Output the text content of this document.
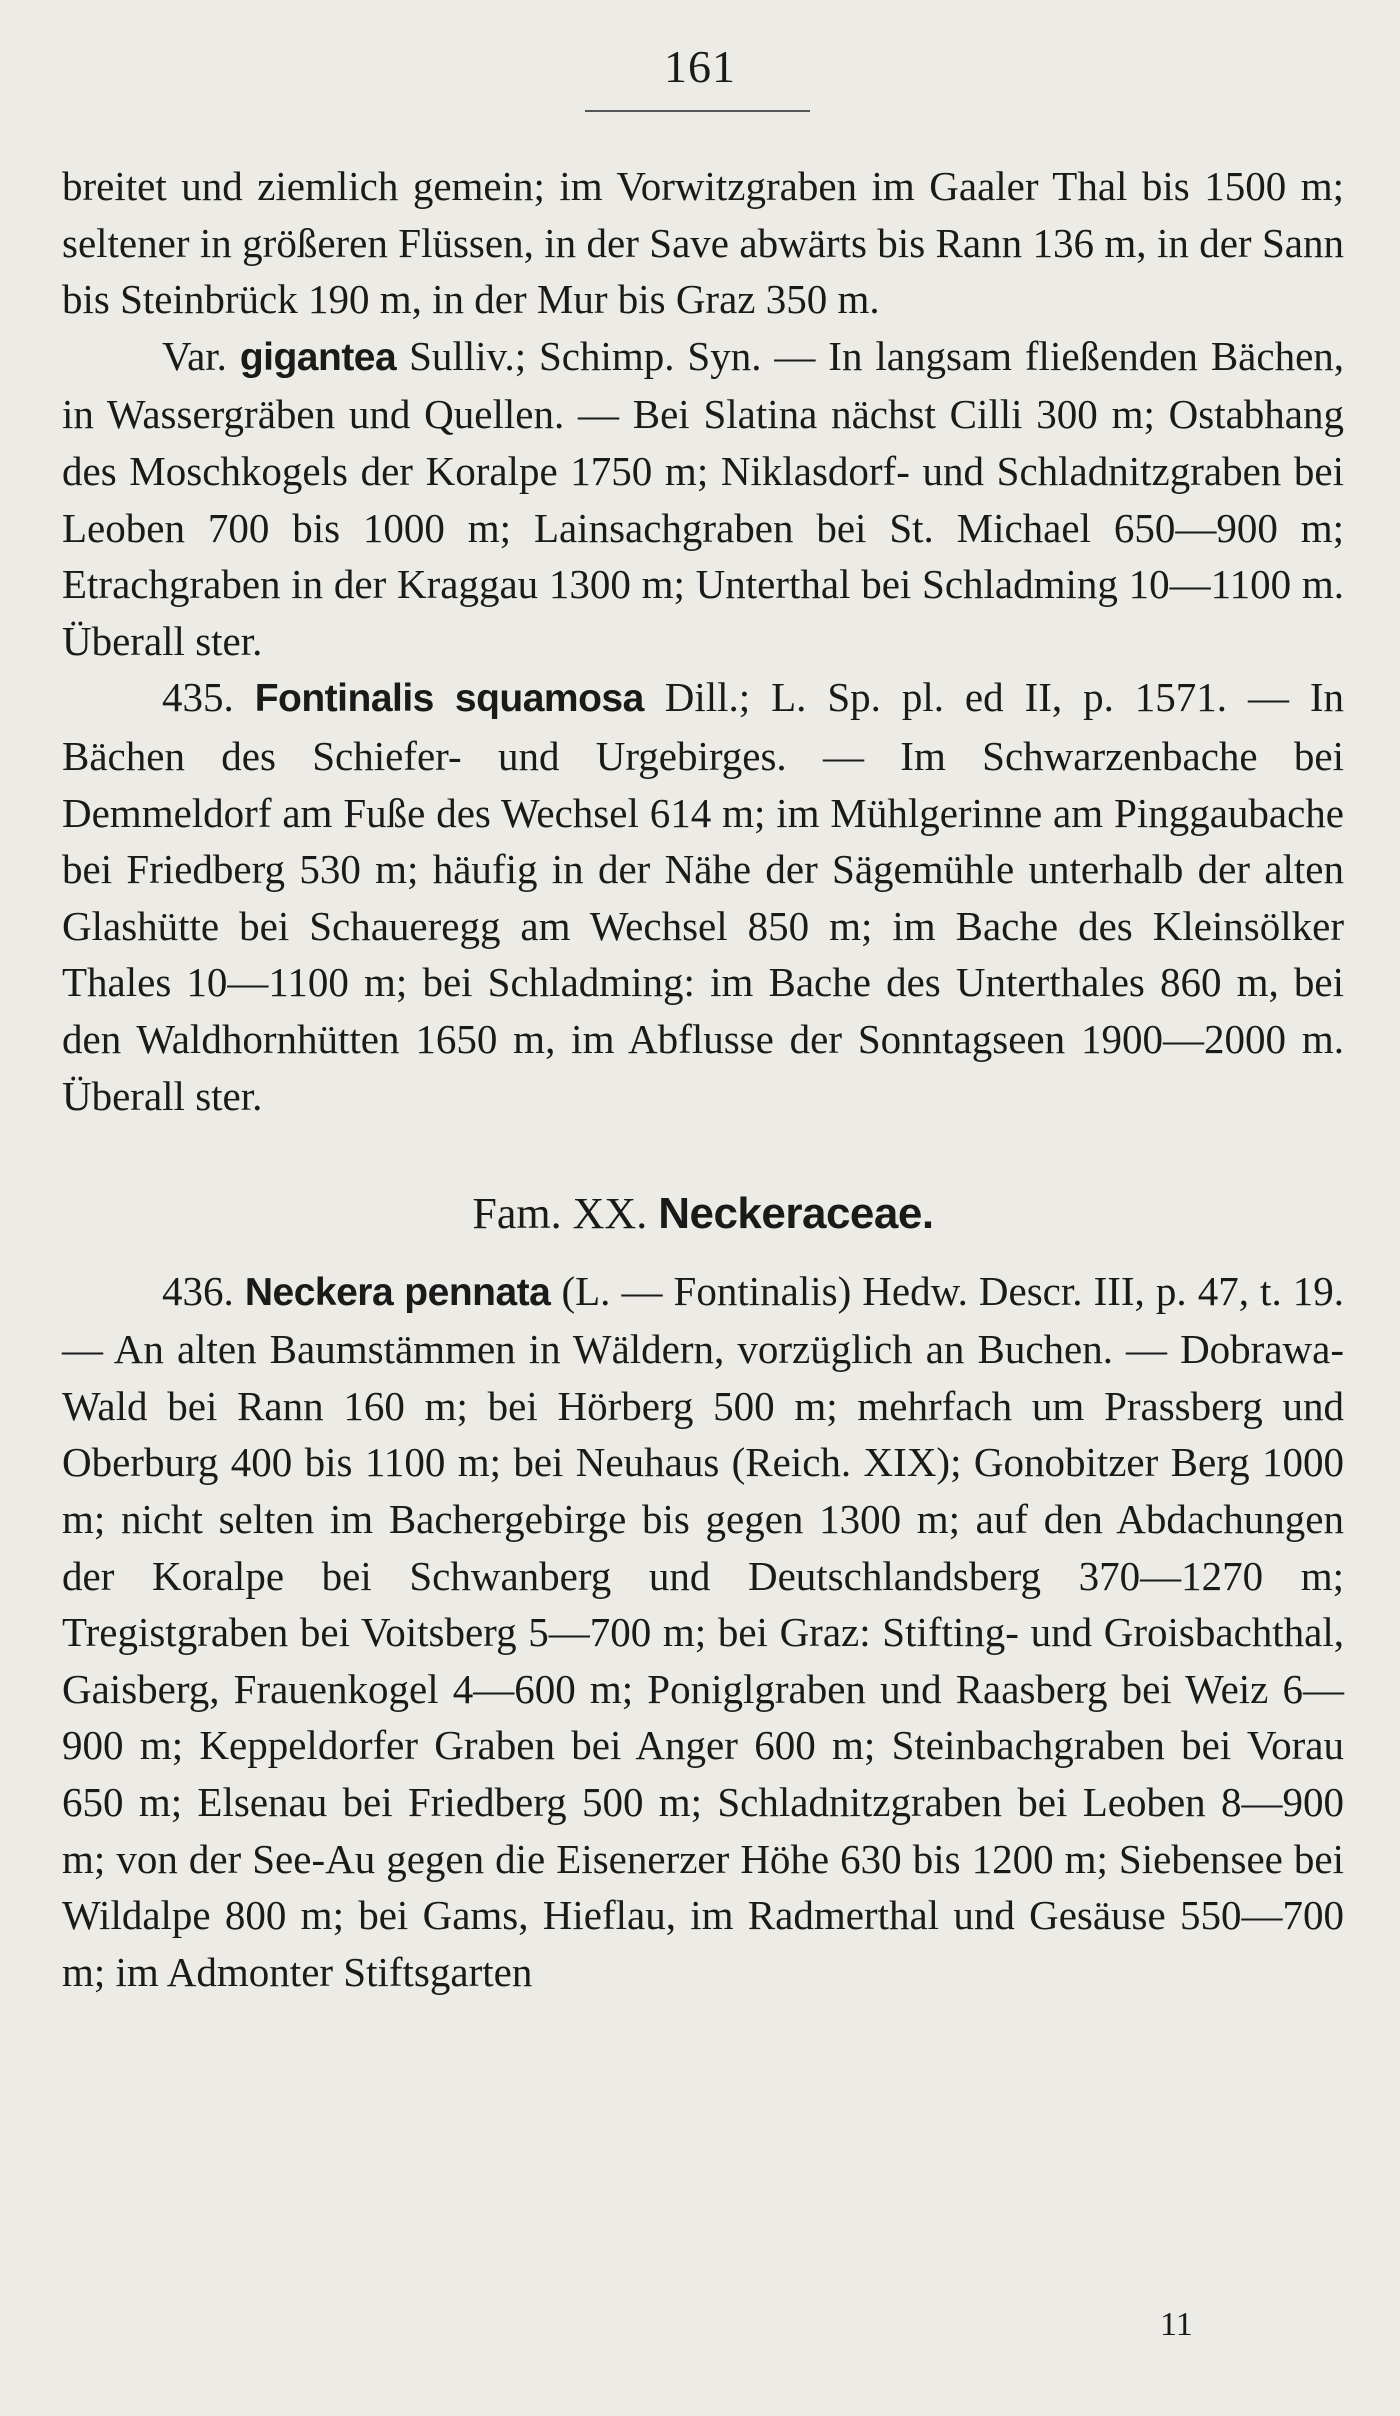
161

breitet und ziemlich gemein; im Vorwitzgraben im Gaaler Thal bis 1500 m; seltener in größeren Flüssen, in der Save abwärts bis Rann 136 m, in der Sann bis Steinbrück 190 m, in der Mur bis Graz 350 m.

Var. gigantea Sulliv.; Schimp. Syn. — In langsam fließenden Bächen, in Wassergräben und Quellen. — Bei Slatina nächst Cilli 300 m; Ostabhang des Moschkogels der Koralpe 1750 m; Niklasdorf- und Schladnitzgraben bei Leoben 700 bis 1000 m; Lainsachgraben bei St. Michael 650—900 m; Etrachgraben in der Kraggau 1300 m; Unterthal bei Schladming 10—1100 m. Überall ster.

435. Fontinalis squamosa Dill.; L. Sp. pl. ed II, p. 1571. — In Bächen des Schiefer- und Urgebirges. — Im Schwarzenbache bei Demmeldorf am Fuße des Wechsel 614 m; im Mühlgerinne am Pinggaubache bei Friedberg 530 m; häufig in der Nähe der Sägemühle unterhalb der alten Glashütte bei Schaueregg am Wechsel 850 m; im Bache des Kleinsölker Thales 10—1100 m; bei Schladming: im Bache des Unterthales 860 m, bei den Waldhornhütten 1650 m, im Abflusse der Sonntagseen 1900—2000 m. Überall ster.

Fam. XX. Neckeraceae.

436. Neckera pennata (L. — Fontinalis) Hedw. Descr. III, p. 47, t. 19. — An alten Baumstämmen in Wäldern, vorzüglich an Buchen. — Dobrawa-Wald bei Rann 160 m; bei Hörberg 500 m; mehrfach um Prassberg und Oberburg 400 bis 1100 m; bei Neuhaus (Reich. XIX); Gonobitzer Berg 1000 m; nicht selten im Bachergebirge bis gegen 1300 m; auf den Abdachungen der Koralpe bei Schwanberg und Deutschlandsberg 370—1270 m; Tregistgraben bei Voitsberg 5—700 m; bei Graz: Stifting- und Groisbachthal, Gaisberg, Frauenkogel 4—600 m; Poniglgraben und Raasberg bei Weiz 6—900 m; Keppeldorfer Graben bei Anger 600 m; Steinbachgraben bei Vorau 650 m; Elsenau bei Friedberg 500 m; Schladnitzgraben bei Leoben 8—900 m; von der See-Au gegen die Eisenerzer Höhe 630 bis 1200 m; Siebensee bei Wildalpe 800 m; bei Gams, Hieflau, im Radmerthal und Gesäuse 550—700 m; im Admonter Stiftsgarten

11
